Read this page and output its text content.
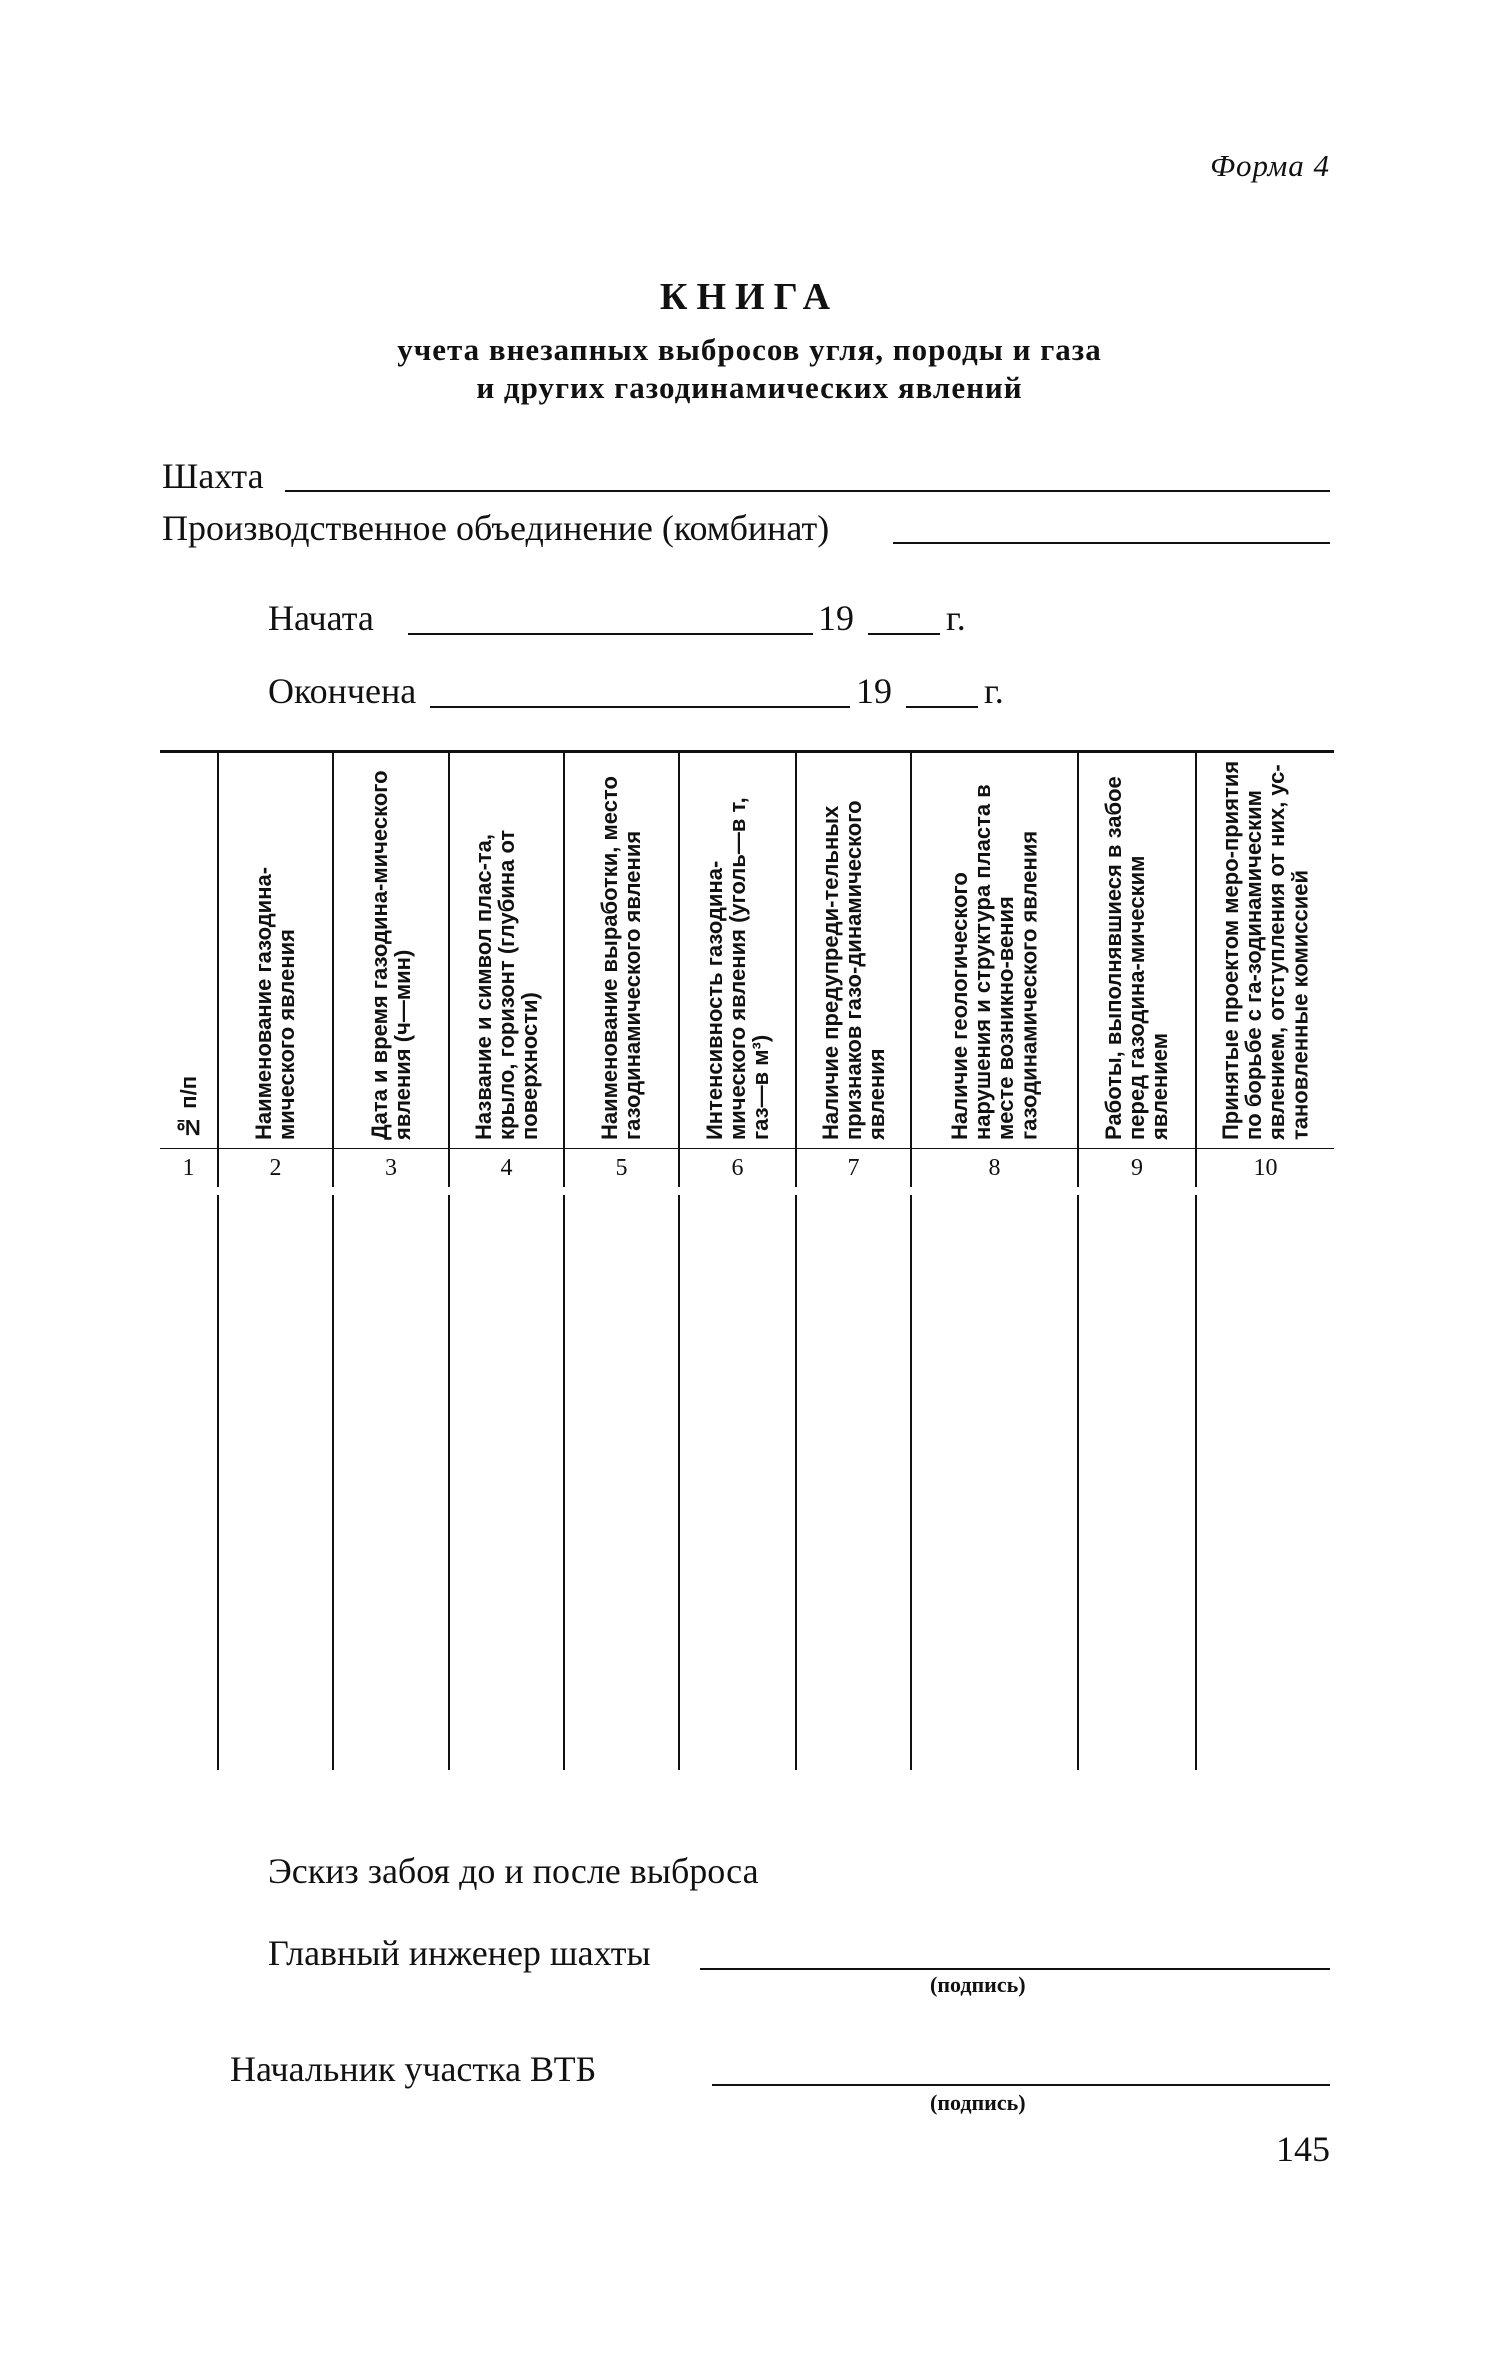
Форма 4
КНИГА
учета внезапных выбросов угля, породы и газа
и других газодинамических явлений
Шахта
Производственное объединение (комбинат)
Начата	19	г.
Окончена	19	г.
№ п/п	Наименование газодина-мического явления	Дата и время газодина-мического явления (ч—мин)	Название и символ плас-та, крыло, горизонт (глубина от поверхности)	Наименование выработки, место газодинамического явления	Интенсивность газодина-мического явления (уголь—в т, газ—в м³)	Наличие предупреди-тельных признаков газо-динамического явления	Наличие геологического нарушения и структура пласта в месте возникно-вения газодинамического явления	Работы, выполнявшиеся в забое перед газодина-мическим явлением	Принятые проектом меро-приятия по борьбе с га-зодинамическим явлением, отступления от них, ус-тановленные комиссией

1	2	3	4	5	6	7	8	9	10

Эскиз забоя до и после выброса
Главный инженер шахты
(подпись)
Начальник участка ВТБ
(подпись)
145
